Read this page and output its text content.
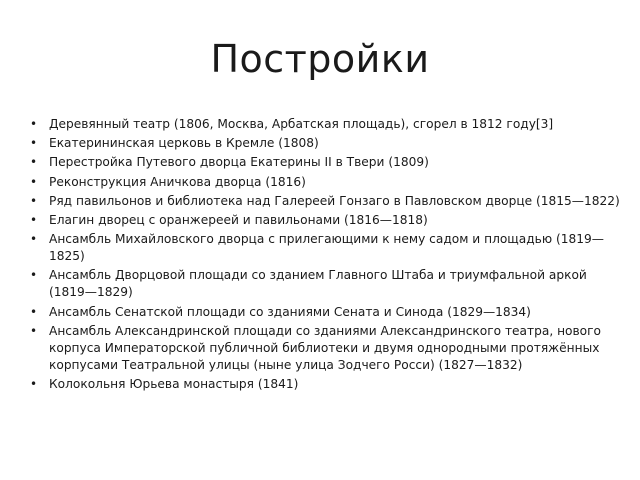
Постройки
• Деревянный театр (1806, Москва, Арбатская площадь), сгорел в 1812 году[3]
• Екатерининская церковь в Кремле (1808)
• Перестройка Путевого дворца Екатерины II в Твери (1809)
• Реконструкция Аничкова дворца (1816)
• Ряд павильонов и библиотека над Галереей Гонзаго в Павловском дворце (1815—1822)
• Елагин дворец с оранжереей и павильонами (1816—1818)
• Ансамбль Михайловского дворца с прилегающими к нему садом и площадью (1819—1825)
• Ансамбль Дворцовой площади со зданием Главного Штаба и триумфальной аркой (1819—1829)
• Ансамбль Сенатской площади со зданиями Сената и Синода (1829—1834)
• Ансамбль Александринской площади со зданиями Александринского театра, нового корпуса Императорской публичной библиотеки и двумя однородными протяжённых корпусами Театральной улицы (ныне улица Зодчего Росси) (1827—1832)
• Колокольня Юрьева монастыря (1841)
